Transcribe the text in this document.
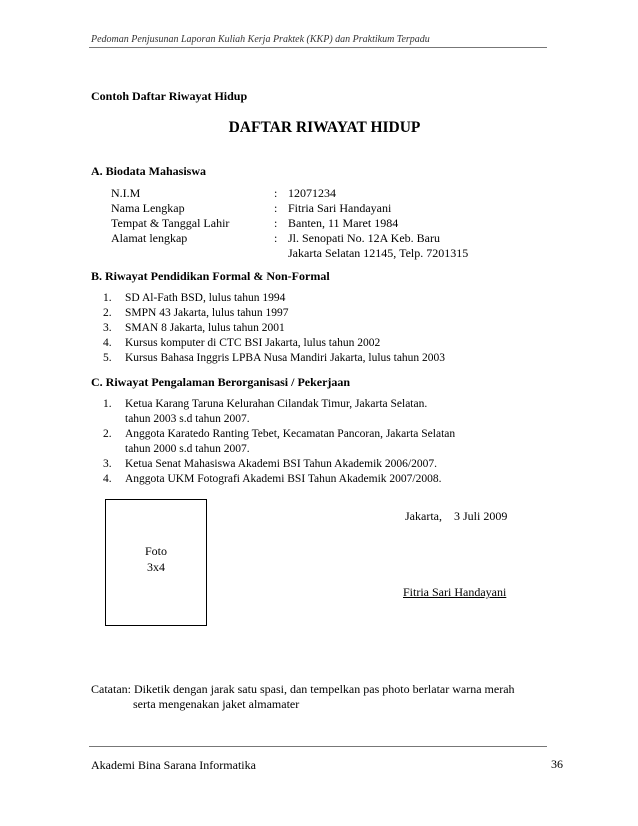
Pedoman Penjusunan Laporan Kuliah Kerja Praktek (KKP) dan Praktikum Terpadu
Contoh Daftar Riwayat Hidup
DAFTAR RIWAYAT HIDUP
A. Biodata Mahasiswa
N.I.M	: 12071234
Nama Lengkap	: Fitria Sari Handayani
Tempat & Tanggal Lahir	: Banten, 11 Maret 1984
Alamat lengkap	: Jl. Senopati No. 12A Keb. Baru
Jakarta Selatan 12145, Telp. 7201315
B. Riwayat Pendidikan Formal & Non-Formal
1. SD Al-Fath BSD, lulus tahun 1994
2. SMPN 43 Jakarta, lulus tahun 1997
3. SMAN 8 Jakarta, lulus tahun 2001
4. Kursus komputer di CTC BSI Jakarta, lulus tahun 2002
5. Kursus Bahasa Inggris LPBA Nusa Mandiri Jakarta, lulus tahun 2003
C. Riwayat Pengalaman Berorganisasi / Pekerjaan
1. Ketua Karang Taruna Kelurahan Cilandak Timur, Jakarta Selatan.
tahun 2003 s.d tahun 2007.
2. Anggota Karatedo Ranting Tebet, Kecamatan Pancoran, Jakarta Selatan
tahun 2000 s.d tahun 2007.
3. Ketua Senat Mahasiswa Akademi BSI Tahun Akademik 2006/2007.
4. Anggota UKM Fotografi Akademi BSI Tahun Akademik 2007/2008.
Jakarta, 3 Juli 2009
Fitria Sari Handayani
Foto
3x4
Catatan: Diketik dengan jarak satu spasi, dan tempelkan pas photo berlatar warna merah
serta mengenakan jaket almamater
Akademi Bina Sarana Informatika	36
